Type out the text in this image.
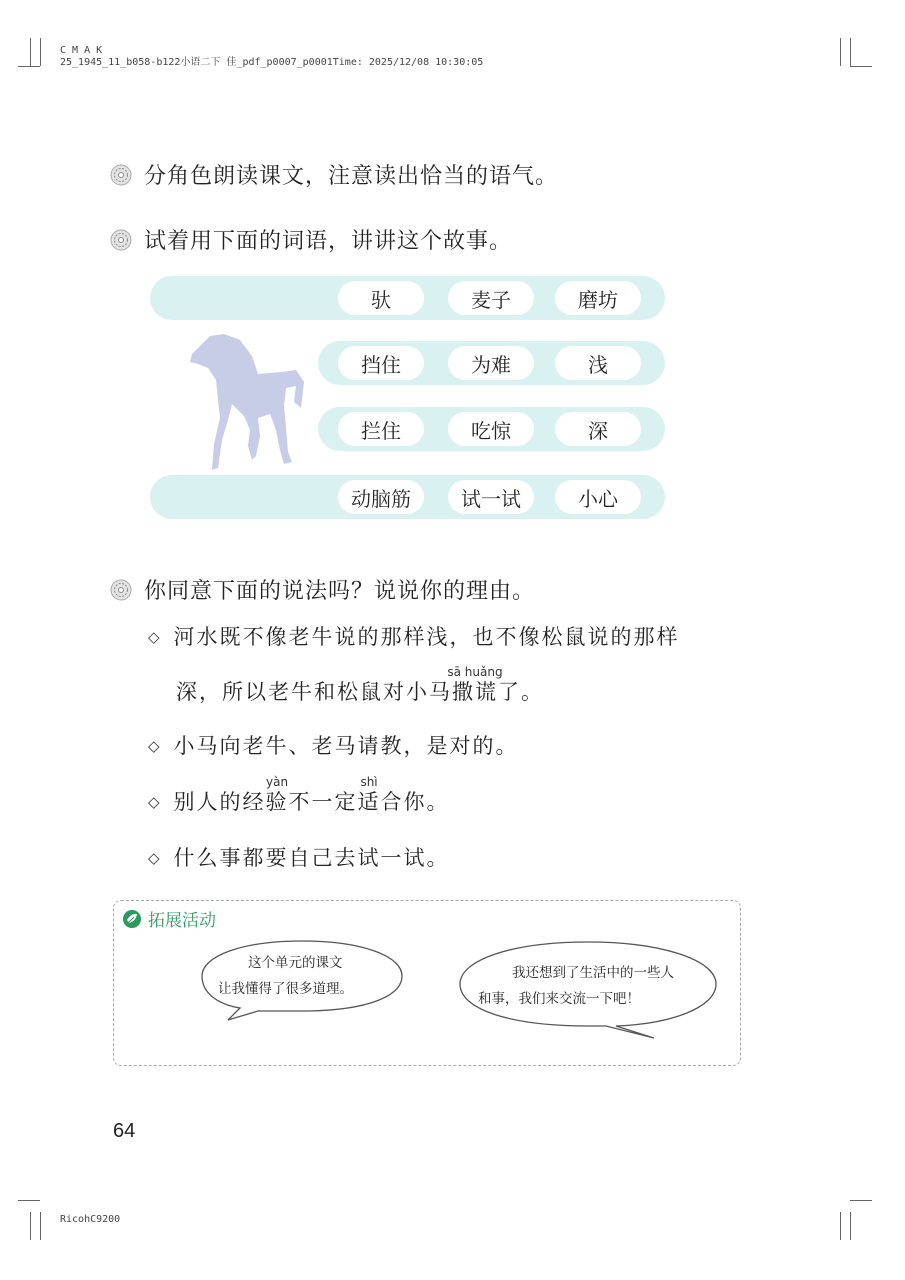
C M A K
25_1945_11_b058-b122小语二下 佳_pdf_p0007_p0001Time: 2025/12/08 10:30:05
分角色朗读课文，注意读出恰当的语气。
试着用下面的词语，讲讲这个故事。
驮	麦子	磨坊
挡住	为难	浅
拦住	吃惊	深
动脑筋	试一试	小心
你同意下面的说法吗？说说你的理由。
◇ 河水既不像老牛说的那样浅，也不像松鼠说的那样
深，所以老牛和松鼠对小马
sā huǎng
撒谎了。
◇ 小马向老牛、老马请教，是对的。
◇ 别人的经
yàn
验不一定
shì
适合你。
◇ 什么事都要自己去试一试。
拓展活动
这个单元的课文
让我懂得了很多道理。
我还想到了生活中的一些人
和事，我们来交流一下吧！
64
RicohC9200
